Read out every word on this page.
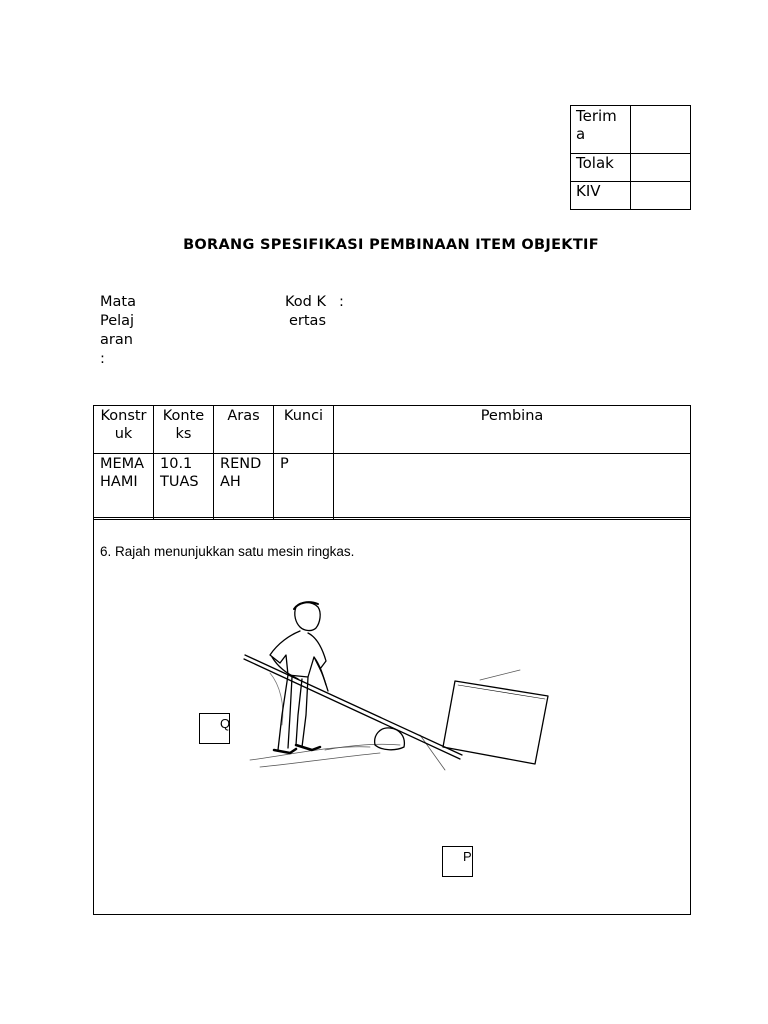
Terima	
Tolak	
KIV	
BORANG SPESIFIKASI PEMBINAAN ITEM OBJEKTIF
Mata Pelajaran :
Kod Kertas
:
Konstruk	Konteks	Aras	Kunci	Pembina
MEMAHAMI	10.1 TUAS	RENDAH	P	
6. Rajah menunjukkan satu mesin ringkas.
Q
P
